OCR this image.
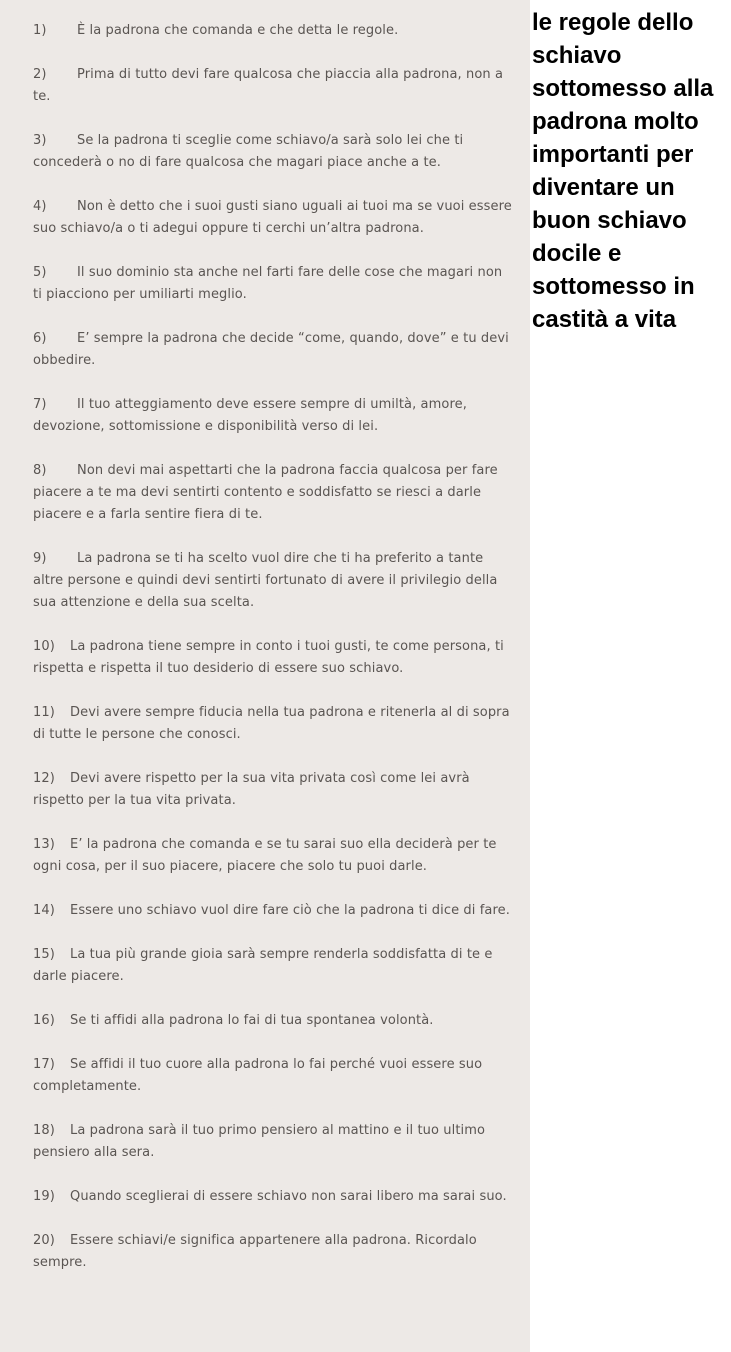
1) È la padrona che comanda e che detta le regole.

2) Prima di tutto devi fare qualcosa che piaccia alla padrona, non a te.

3) Se la padrona ti sceglie come schiavo/a sarà solo lei che ti concederà o no di fare qualcosa che magari piace anche a te.

4) Non è detto che i suoi gusti siano uguali ai tuoi ma se vuoi essere suo schiavo/a o ti adegui oppure ti cerchi un’altra padrona.

5) Il suo dominio sta anche nel farti fare delle cose che magari non ti piacciono per umiliarti meglio.

6) E’ sempre la padrona che decide “come, quando, dove” e tu devi obbedire.

7) Il tuo atteggiamento deve essere sempre di umiltà, amore, devozione, sottomissione e disponibilità verso di lei.

8) Non devi mai aspettarti che la padrona faccia qualcosa per fare piacere a te ma devi sentirti contento e soddisfatto se riesci a darle piacere e a farla sentire fiera di te.

9) La padrona se ti ha scelto vuol dire che ti ha preferito a tante altre persone e quindi devi sentirti fortunato di avere il privilegio della sua attenzione e della sua scelta.

10) La padrona tiene sempre in conto i tuoi gusti, te come persona, ti rispetta e rispetta il tuo desiderio di essere suo schiavo.

11) Devi avere sempre fiducia nella tua padrona e ritenerla al di sopra di tutte le persone che conosci.

12) Devi avere rispetto per la sua vita privata così come lei avrà rispetto per la tua vita privata.

13) E’ la padrona che comanda e se tu sarai suo ella deciderà per te ogni cosa, per il suo piacere, piacere che solo tu puoi darle.

14) Essere uno schiavo vuol dire fare ciò che la padrona ti dice di fare.

15) La tua più grande gioia sarà sempre renderla soddisfatta di te e darle piacere.

16) Se ti affidi alla padrona lo fai di tua spontanea volontà.

17) Se affidi il tuo cuore alla padrona lo fai perché vuoi essere suo completamente.

18) La padrona sarà il tuo primo pensiero al mattino e il tuo ultimo pensiero alla sera.

19) Quando sceglierai di essere schiavo non sarai libero ma sarai suo.

20) Essere schiavi/e significa appartenere alla padrona. Ricordalo sempre.

le regole dello schiavo sottomesso alla padrona molto importanti per diventare un buon schiavo docile e sottomesso in castità a vita
